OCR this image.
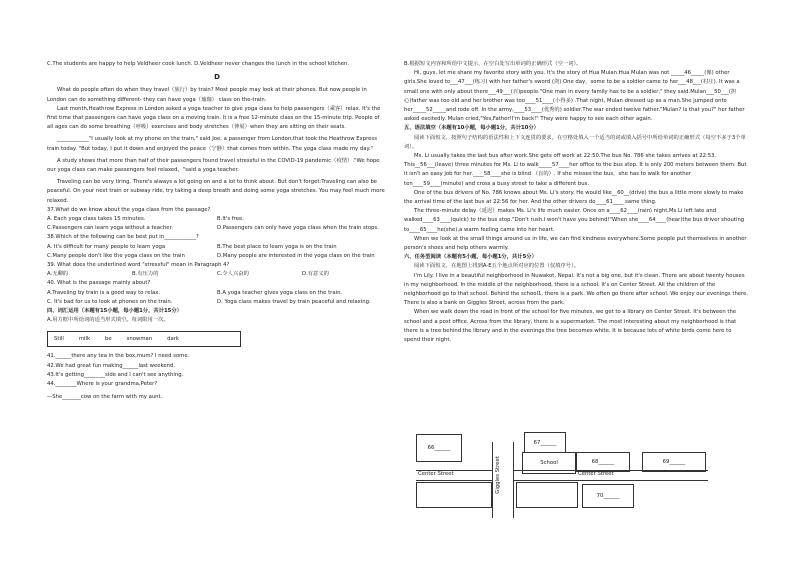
C.The students are happy to help Veldheer cook lunch. D.Veldheer never changes the lunch in the school kitchen.

D

What do people often do when they travel（旅行）by train? Most people may look at their phones. But now people in London can do something different- they can have yoga（瑜珈） class on the-train.

Last month,Heathrow Express in London asked a yoga teacher to give yoga class to help passengers（乘客）relax. It's the first time that passengers can have yoga class on a moving train. It is a free 12-minute class on the 15-minute trip. People of all ages can do some breathing（呼吸）exercises and body stretches（伸展）when they are sitting on their seats.

____________"I usually look at my phone on the train," said Joe, a passenger from London,that took the Heathrow Express train today. "But today, I put it down and enjoyed the peace（宁静）that comes from within. The yoga class made my day."

A study shows that more than half of their passengers found travel stressful in the COVID-19 pandemic（疫情）."We hope our yoga class can make passengers feel relaxed，"said a yoga teacher.

Traveling can be very tiring. There's always a lot going on and a lot to think about. But don't forget:Traveling can also be peaceful. On your next train or subway ride, try taking a deep breath and doing some yoga stretches. You may feel much more relaxed.

37.What do we know about the yoga class from the passage?

A. Each yoga class takes 15 minutes.	B.It's free.
C.Passengers can learn yoga without a teacher.	D.Passengers can only have yoga class when the train stops.

38.Which of the following can be best put in____________?

A. It's difficult for many people to learn yoga	B.The best place to learn yoga is on the train
C.Many people don't like the yoga class on the train	D.Many people are interested in the yoga class on the train

39. What does the underlined word "stressful" mean in Paragraph 4?

A.无聊的	B.有压力的	C.令人兴奋的	D.有意义的

40. What is the passage mainly about?

A.Traveling by train is a good way to relax.	B.A yoga teacher gives yoga class on the train.
C. It's bad for us to look at phones on the train.	D. Yoga class makes travel by train peaceful and relaxing.

四、词汇运用（本题有15小题，每小题1分，共计15分）

A.用方框中所给词的适当形式填空。每词限用一次。

Still	milk	be	snowman	dark

41.______there any tea in the box,mum? I need some.

42.We had great fun making______last weekend.

43.It's getting________side and I can't see anything.

44.________Where is your grandma,Peter?

—She_______cow on the farm with my aunt.

B.根据短文内容和所给中文提示，在空白处写出单词的正确形式（空一词）。

Hi, guys, let me share my favorite story with you. It's the story of Hua Mulan.Hua Mulan was not _____46_____(像) other girls.She loved to___47___(练习) with her father's sword (剑) One day，some to be a soldier came to her___48___(村庄). It was a small one with only about there___49___(百)people."One man in every family has to be a soldier," they said.Mulan___50___(担心)father was too old and her brother was too____51____(小得多) .That night, Mulan dressed up as a man.She jumped onto her_____52_____and rode off. In the army,____53____(优秀的) soldier.The war ended twelve father."Mulan? Is that you?" her father asked excitedly. Mulan cried,"Yes,Father!I'm back!" They were happy to see each other again.

五、语法填空（本题有10小题，每小题1分，共计10分）

阅读下面短文，按照句子结构的语法性和上下文连贯的要求，在空格处填入一个适当的词或填入括号中所给单词的正确形式（每空不多于3个单词）。

Ms. Li usually takes the last bus after work.She gets off work at 22:50.The bus No. 786 she takes arrives at 22:53. This__56___(leave) three minutes for Ms. Li to walk_____57____her office to the bus stop. It is only 200 meters between them. But it isn't an easy job for her.____58____she is blind （盲的）. If she misses the bus，she has to walk for another ten____59____(minute) and cross a busy street to take a different bus.

One of the bus drivers of No. 786 knows about Ms. Li's story. He would like__60__(drive) the bus a little more slowly to make the arrival time of the last bus at 22:56 for her. And the other drivers do____61____ same thing.

The three-minute delay（延迟）makes Ms. Li's life much easier. Once on a____62____(rain) night,Ms.Li left late and walked____63____(quick) to the bus stop."Don't rush.I won't have you behind!"When she____64____(hear)the bus driver shouting to____65____he(she),a warm feeling came into her heart.

When we look at the small things around us in life, we can find kindness everywhere.Some people put themselves in another person's shoes and help others warmly.

六、任务型阅读（本题有5小题，每小题1分，共计5分）

阅读下面短文，在地图上找到A-E五个地点所对应的位置（仅填序号）。

I'm Lily. I live in a beautiful neighborhood in Nuwakot, Nepal. It's not a big one, but it's clean. There are about twenty houses in my neighborhood. In the middle of the neighborhood, there is a school. It's on Center Street. All the children of the neighborhood go to that school. Behind the school1, there is a park. We often go there after school. We enjoy our evenings there. There is also a bank on Giggles Street, across from the park.

When we walk down the road in front of the school for five minutes, we get to a library on Center Street. It's between the school and a post office. Across from the library, there is a supermarket. The most interesting about my neighborhood is that there is a tree behind the library and in the evenings the tree becomes white. It is because lots of white birds come here to spend their night.

66______
67______
School	68______	69______
Center Street	Center Street
Giggles Street
70______
